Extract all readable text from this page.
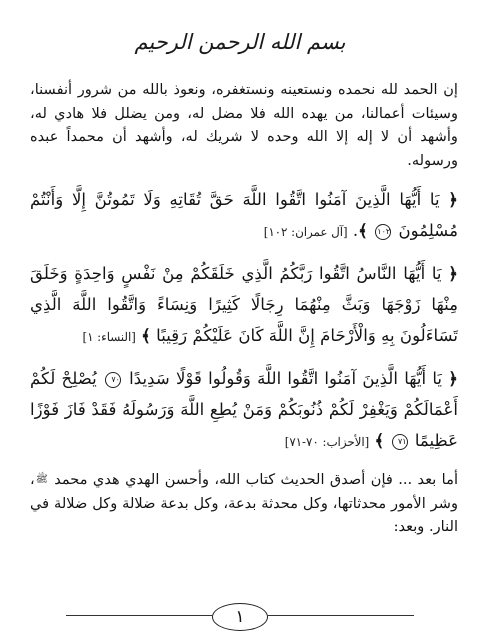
بسم الله الرحمن الرحيم

إن الحمد لله نحمده ونستعينه ونستغفره، ونعوذ بالله من شرور أنفسنا، وسيئات أعمالنا، من يهده الله فلا مضل له، ومن يضلل فلا هادي له، وأشهد أن لا إله إلا الله وحده لا شريك له، وأشهد أن محمداً عبده ورسوله.

﴿ يَا أَيُّهَا الَّذِينَ آمَنُوا اتَّقُوا اللَّهَ حَقَّ تُقَاتِهِ وَلَا تَمُوتُنَّ إِلَّا وَأَنْتُمْ مُسْلِمُونَ ١٠٢ ﴾. [آل عمران: ١٠٢]

﴿ يَا أَيُّهَا النَّاسُ اتَّقُوا رَبَّكُمُ الَّذِي خَلَقَكُمْ مِنْ نَفْسٍ وَاحِدَةٍ وَخَلَقَ مِنْهَا زَوْجَهَا وَبَثَّ مِنْهُمَا رِجَالًا كَثِيرًا وَنِسَاءً وَاتَّقُوا اللَّهَ الَّذِي تَسَاءَلُونَ بِهِ وَالْأَرْحَامَ إِنَّ اللَّهَ كَانَ عَلَيْكُمْ رَقِيبًا ﴾ [النساء: ١]

﴿ يَا أَيُّهَا الَّذِينَ آمَنُوا اتَّقُوا اللَّهَ وَقُولُوا قَوْلًا سَدِيدًا ٧٠ يُصْلِحْ لَكُمْ أَعْمَالَكُمْ وَيَغْفِرْ لَكُمْ ذُنُوبَكُمْ وَمَنْ يُطِعِ اللَّهَ وَرَسُولَهُ فَقَدْ فَازَ فَوْزًا عَظِيمًا ٧١ ﴾ [الأحزاب: ٧٠-٧١]

أما بعد ... فإن أصدق الحديث كتاب الله، وأحسن الهدي هدي محمد ﷺ، وشر الأمور محدثاتها، وكل محدثة بدعة، وكل بدعة ضلالة وكل ضلالة في النار. وبعد:

١
